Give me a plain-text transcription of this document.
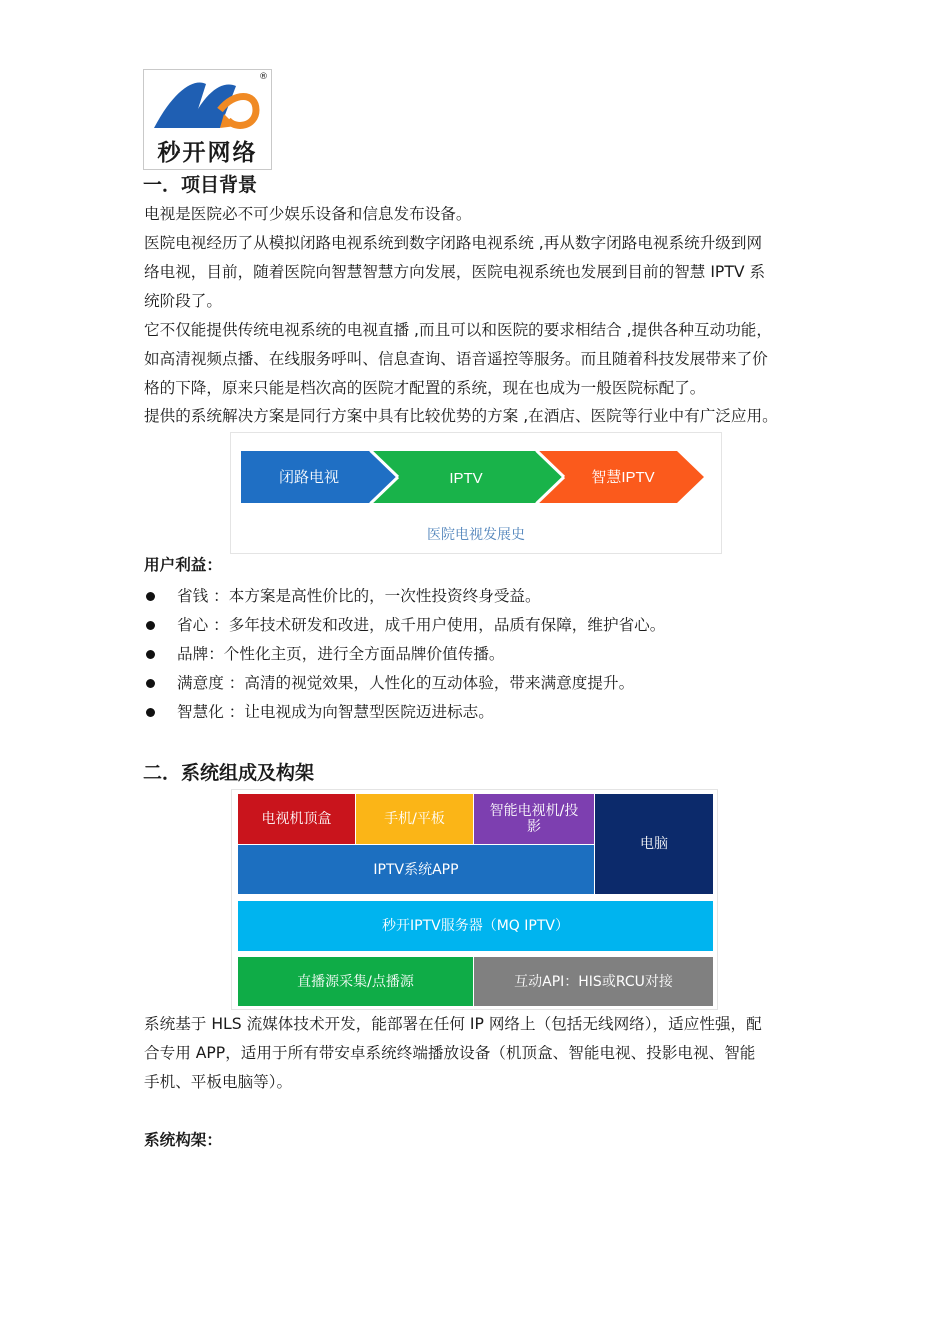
®
秒开网络
一．项目背景

电视是医院必不可少娱乐设备和信息发布设备。

医院电视经历了从模拟闭路电视系统到数字闭路电视系统 ,再从数字闭路电视系统升级到网

络电视，目前，随着医院向智慧智慧方向发展，医院电视系统也发展到目前的智慧 IPTV 系

统阶段了。

它不仅能提供传统电视系统的电视直播 ,而且可以和医院的要求相结合 ,提供各种互动功能，

如高清视频点播、在线服务呼叫、信息查询、语音遥控等服务。而且随着科技发展带来了价

格的下降，原来只能是档次高的医院才配置的系统，现在也成为一般医院标配了。

提供的系统解决方案是同行方案中具有比较优势的方案 ,在酒店、医院等行业中有广泛应用。

闭路电视	IPTV	智慧IPTV
医院电视发展史
用户利益：
省钱 ：本方案是高性价比的，一次性投资终身受益。
省心 ：多年技术研发和改进，成千用户使用，品质有保障，维护省心。
品牌：个性化主页，进行全方面品牌价值传播。
满意度 ：高清的视觉效果，人性化的互动体验，带来满意度提升。
智慧化 ：让电视成为向智慧型医院迈进标志。
二．系统组成及构架
电视机顶盒	手机/平板	智能电视机/投影
电脑
IPTV系统APP
秒开IPTV服务器（MQ IPTV）
直播源采集/点播源	互动API：HIS或RCU对接

系统基于 HLS 流媒体技术开发，能部署在任何 IP 网络上（包括无线网络），适应性强，配

合专用 APP，适用于所有带安卓系统终端播放设备（机顶盒、智能电视、投影电视、智能

手机、平板电脑等）。

系统构架：
